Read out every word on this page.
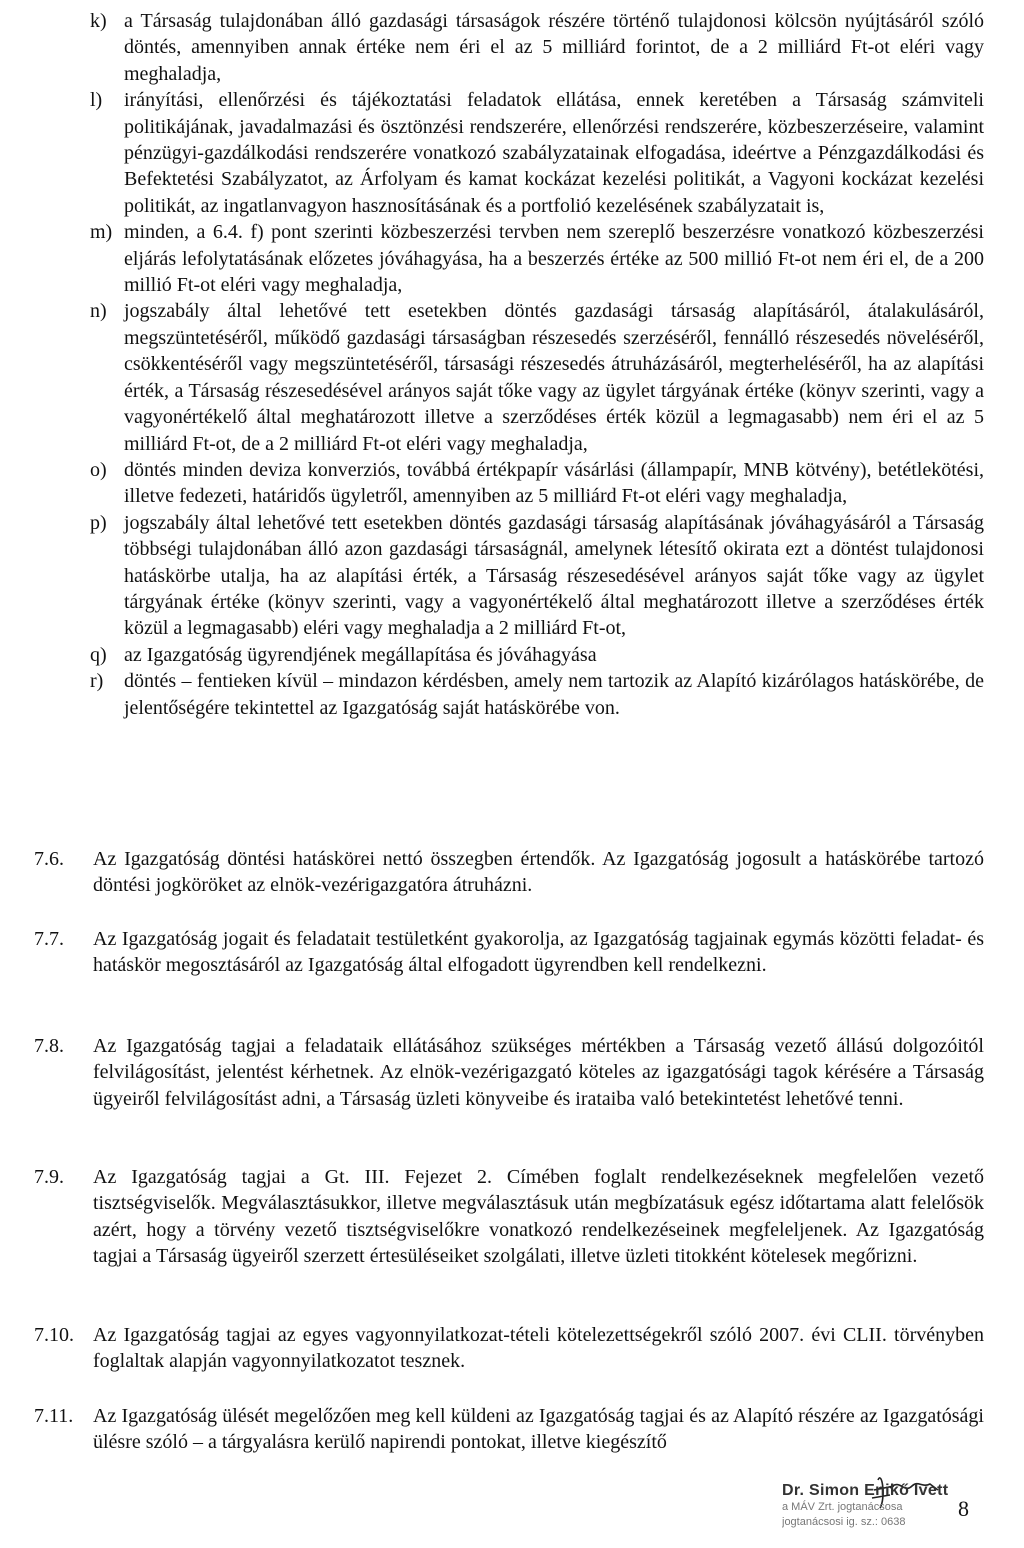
k) a Társaság tulajdonában álló gazdasági társaságok részére történő tulajdonosi kölcsön nyújtásáról szóló döntés, amennyiben annak értéke nem éri el az 5 milliárd forintot, de a 2 milliárd Ft-ot eléri vagy meghaladja,
l) irányítási, ellenőrzési és tájékoztatási feladatok ellátása, ennek keretében a Társaság számviteli politikájának, javadalmazási és ösztönzési rendszerére, ellenőrzési rendszerére, közbeszerzéseire, valamint pénzügyi-gazdálkodási rendszerére vonatkozó szabályzatainak elfogadása, ideértve a Pénzgazdálkodási és Befektetési Szabályzatot, az Árfolyam és kamat kockázat kezelési politikát, a Vagyoni kockázat kezelési politikát, az ingatlanvagyon hasznosításának és a portfolió kezelésének szabályzatait is,
m) minden, a 6.4. f) pont szerinti közbeszerzési tervben nem szereplő beszerzésre vonatkozó közbeszerzési eljárás lefolytatásának előzetes jóváhagyása, ha a beszerzés értéke az 500 millió Ft-ot nem éri el, de a 200 millió Ft-ot eléri vagy meghaladja,
n) jogszabály által lehetővé tett esetekben döntés gazdasági társaság alapításáról, átalakulásáról, megszüntetéséről, működő gazdasági társaságban részesedés szerzéséről, fennálló részesedés növeléséről, csökkentéséről vagy megszüntetéséről, társasági részesedés átruházásáról, megterheléséről, ha az alapítási érték, a Társaság részesedésével arányos saját tőke vagy az ügylet tárgyának értéke (könyv szerinti, vagy a vagyonértékelő által meghatározott illetve a szerződéses érték közül a legmagasabb) nem éri el az 5 milliárd Ft-ot, de a 2 milliárd Ft-ot eléri vagy meghaladja,
o) döntés minden deviza konverziós, továbbá értékpapír vásárlási (állampapír, MNB kötvény), betétlekötési, illetve fedezeti, határidős ügyletről, amennyiben az 5 milliárd Ft-ot eléri vagy meghaladja,
p) jogszabály által lehetővé tett esetekben döntés gazdasági társaság alapításának jóváhagyásáról a Társaság többségi tulajdonában álló azon gazdasági társaságnál, amelynek létesítő okirata ezt a döntést tulajdonosi hatáskörbe utalja, ha az alapítási érték, a Társaság részesedésével arányos saját tőke vagy az ügylet tárgyának értéke (könyv szerinti, vagy a vagyonértékelő által meghatározott illetve a szerződéses érték közül a legmagasabb) eléri vagy meghaladja a 2 milliárd Ft-ot,
q) az Igazgatóság ügyrendjének megállapítása és jóváhagyása
r) döntés – fentieken kívül – mindazon kérdésben, amely nem tartozik az Alapító kizárólagos hatáskörébe, de jelentőségére tekintettel az Igazgatóság saját hatáskörébe von.
7.6. Az Igazgatóság döntési hatáskörei nettó összegben értendők. Az Igazgatóság jogosult a hatáskörébe tartozó döntési jogköröket az elnök-vezérigazgatóra átruházni.
7.7. Az Igazgatóság jogait és feladatait testületként gyakorolja, az Igazgatóság tagjainak egymás közötti feladat- és hatáskör megosztásáról az Igazgatóság által elfogadott ügyrendben kell rendelkezni.
7.8. Az Igazgatóság tagjai a feladataik ellátásához szükséges mértékben a Társaság vezető állású dolgozóitól felvilágosítást, jelentést kérhetnek. Az elnök-vezérigazgató köteles az igazgatósági tagok kérésére a Társaság ügyeiről felvilágosítást adni, a Társaság üzleti könyveibe és irataiba való betekintetést lehetővé tenni.
7.9. Az Igazgatóság tagjai a Gt. III. Fejezet 2. Címében foglalt rendelkezéseknek megfelelően vezető tisztségviselők. Megválasztásukkor, illetve megválasztásuk után megbízatásuk egész időtartama alatt felelősök azért, hogy a törvény vezető tisztségviselőkre vonatkozó rendelkezéseinek megfeleljenek. Az Igazgatóság tagjai a Társaság ügyeiről szerzett értesüléseiket szolgálati, illetve üzleti titokként kötelesek megőrizni.
7.10. Az Igazgatóság tagjai az egyes vagyonnyilatkozat-tételi kötelezettségekről szóló 2007. évi CLII. törvényben foglaltak alapján vagyonnyilatkozatot tesznek.
7.11. Az Igazgatóság ülését megelőzően meg kell küldeni az Igazgatóság tagjai és az Alapító részére az Igazgatósági ülésre szóló – a tárgyalásra kerülő napirendi pontokat, illetve kiegészítő
Dr. Simon Enikő Ivett
a MÁV Zrt. jogtanácsosa
jogtanácsosi ig. sz.: 0638
8
